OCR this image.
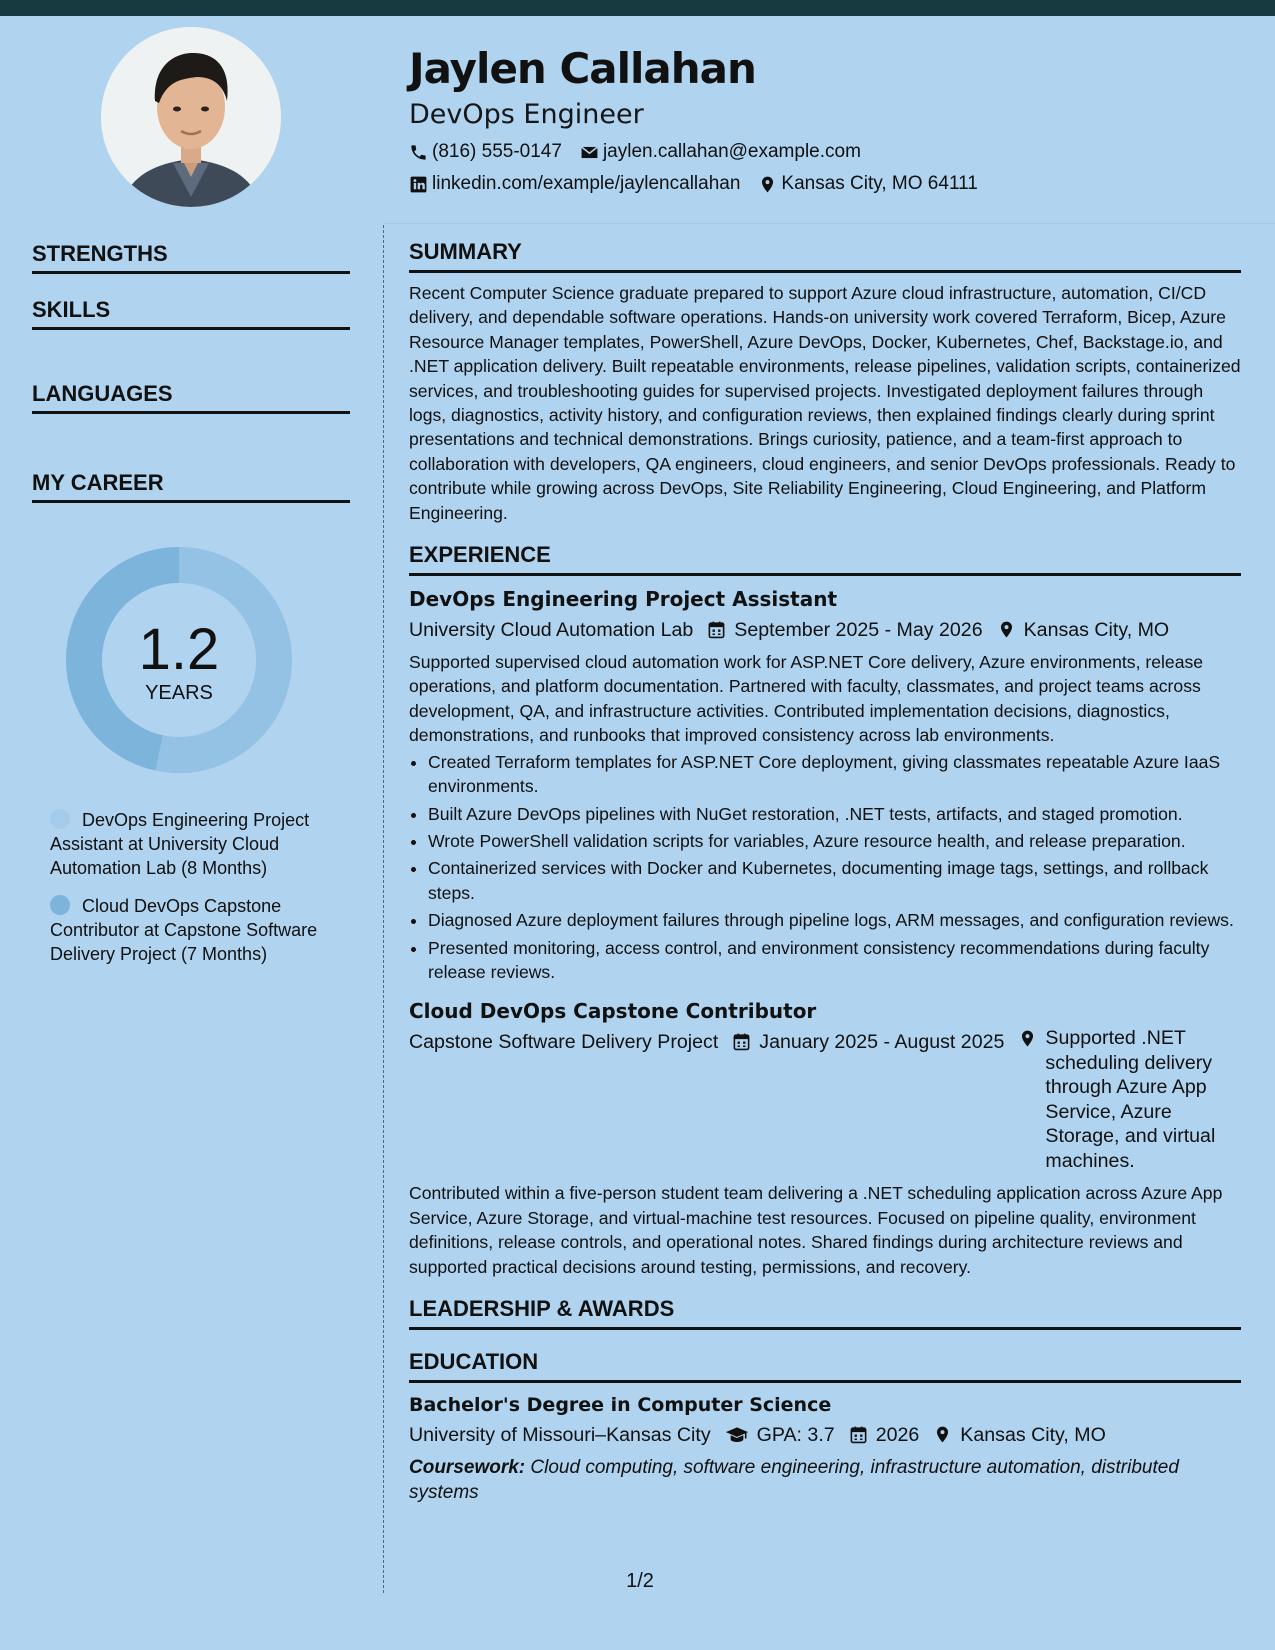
Jaylen Callahan
DevOps Engineer
(816) 555-0147 jaylen.callahan@example.com
linkedin.com/example/jaylencallahan Kansas City, MO 64111
STRENGTHS
SKILLS
LANGUAGES
MY CAREER
1.2
YEARS
DevOps Engineering Project Assistant at University Cloud Automation Lab (8 Months)
Cloud DevOps Capstone Contributor at Capstone Software Delivery Project (7 Months)
SUMMARY

Recent Computer Science graduate prepared to support Azure cloud infrastructure, automation, CI/CD delivery, and dependable software operations. Hands-on university work covered Terraform, Bicep, Azure Resource Manager templates, PowerShell, Azure DevOps, Docker, Kubernetes, Chef, Backstage.io, and .NET application delivery. Built repeatable environments, release pipelines, validation scripts, containerized services, and troubleshooting guides for supervised projects. Investigated deployment failures through logs, diagnostics, activity history, and configuration reviews, then explained findings clearly during sprint presentations and technical demonstrations. Brings curiosity, patience, and a team-first approach to collaboration with developers, QA engineers, cloud engineers, and senior DevOps professionals. Ready to contribute while growing across DevOps, Site Reliability Engineering, Cloud Engineering, and Platform Engineering.

EXPERIENCE
DevOps Engineering Project Assistant
University Cloud Automation Lab September 2025 - May 2026 Kansas City, MO

Supported supervised cloud automation work for ASP.NET Core delivery, Azure environments, release operations, and platform documentation. Partnered with faculty, classmates, and project teams across development, QA, and infrastructure activities. Contributed implementation decisions, diagnostics, demonstrations, and runbooks that improved consistency across lab environments.

• Created Terraform templates for ASP.NET Core deployment, giving classmates repeatable Azure IaaS environments.
• Built Azure DevOps pipelines with NuGet restoration, .NET tests, artifacts, and staged promotion.
• Wrote PowerShell validation scripts for variables, Azure resource health, and release preparation.
• Containerized services with Docker and Kubernetes, documenting image tags, settings, and rollback steps.
• Diagnosed Azure deployment failures through pipeline logs, ARM messages, and configuration reviews.
• Presented monitoring, access control, and environment consistency recommendations during faculty release reviews.
Cloud DevOps Capstone Contributor
Capstone Software Delivery Project January 2025 - August 2025 Supported .NET scheduling delivery through Azure App Service, Azure Storage, and virtual machines.

Contributed within a five-person student team delivering a .NET scheduling application across Azure App Service, Azure Storage, and virtual-machine test resources. Focused on pipeline quality, environment definitions, release controls, and operational notes. Shared findings during architecture reviews and supported practical decisions around testing, permissions, and recovery.

LEADERSHIP & AWARDS
EDUCATION
Bachelor's Degree in Computer Science
University of Missouri–Kansas City GPA: 3.7 2026 Kansas City, MO
Coursework: Cloud computing, software engineering, infrastructure automation, distributed systems
1/2
